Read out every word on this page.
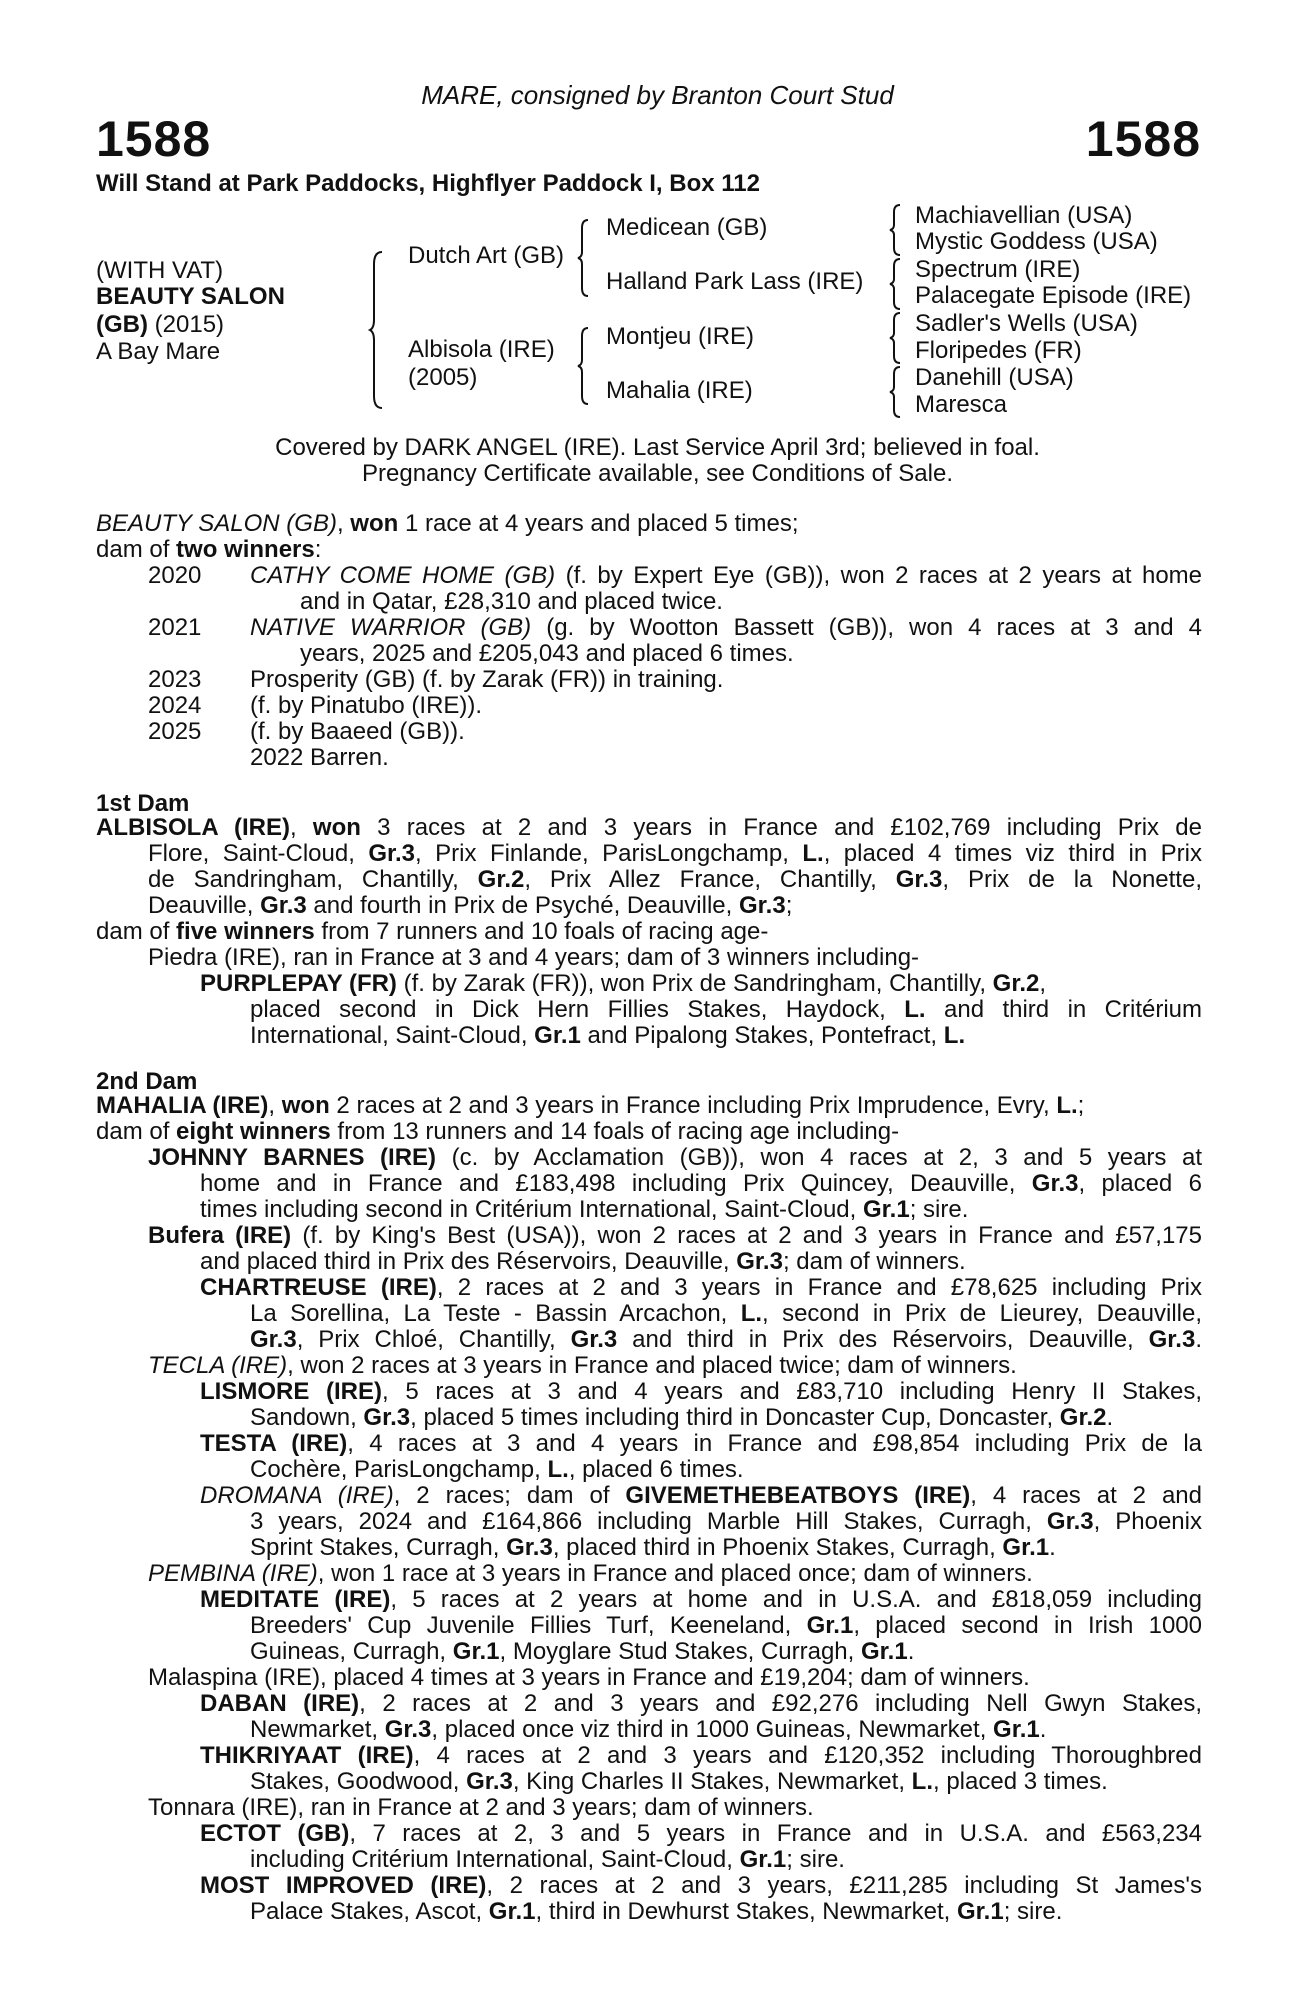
MARE, consigned by Branton Court Stud
1588	1588
Will Stand at Park Paddocks, Highflyer Paddock I, Box 112
(WITH VAT)
BEAUTY SALON
(GB) (2015)
A Bay Mare
Dutch Art (GB)
Albisola (IRE)
(2005)
Medicean (GB)
Halland Park Lass (IRE)
Montjeu (IRE)
Mahalia (IRE)
Machiavellian (USA)
Mystic Goddess (USA)
Spectrum (IRE)
Palacegate Episode (IRE)
Sadler's Wells (USA)
Floripedes (FR)
Danehill (USA)
Maresca
Covered by DARK ANGEL (IRE). Last Service April 3rd; believed in foal.
Pregnancy Certificate available, see Conditions of Sale.
BEAUTY SALON (GB), won 1 race at 4 years and placed 5 times;
dam of two winners:
2020 CATHY COME HOME (GB) (f. by Expert Eye (GB)), won 2 races at 2 years at home
and in Qatar, £28,310 and placed twice.
2021 NATIVE WARRIOR (GB) (g. by Wootton Bassett (GB)), won 4 races at 3 and 4
years, 2025 and £205,043 and placed 6 times.
2023 Prosperity (GB) (f. by Zarak (FR)) in training.
2024 (f. by Pinatubo (IRE)).
2025 (f. by Baaeed (GB)).
2022 Barren.
1st Dam
ALBISOLA (IRE), won 3 races at 2 and 3 years in France and £102,769 including Prix de
Flore, Saint-Cloud, Gr.3, Prix Finlande, ParisLongchamp, L., placed 4 times viz third in Prix
de Sandringham, Chantilly, Gr.2, Prix Allez France, Chantilly, Gr.3, Prix de la Nonette,
Deauville, Gr.3 and fourth in Prix de Psyché, Deauville, Gr.3;
dam of five winners from 7 runners and 10 foals of racing age-
Piedra (IRE), ran in France at 3 and 4 years; dam of 3 winners including-
PURPLEPAY (FR) (f. by Zarak (FR)), won Prix de Sandringham, Chantilly, Gr.2,
placed second in Dick Hern Fillies Stakes, Haydock, L. and third in Critérium
International, Saint-Cloud, Gr.1 and Pipalong Stakes, Pontefract, L.
2nd Dam
MAHALIA (IRE), won 2 races at 2 and 3 years in France including Prix Imprudence, Evry, L.;
dam of eight winners from 13 runners and 14 foals of racing age including-
JOHNNY BARNES (IRE) (c. by Acclamation (GB)), won 4 races at 2, 3 and 5 years at
home and in France and £183,498 including Prix Quincey, Deauville, Gr.3, placed 6
times including second in Critérium International, Saint-Cloud, Gr.1; sire.
Bufera (IRE) (f. by King's Best (USA)), won 2 races at 2 and 3 years in France and £57,175
and placed third in Prix des Réservoirs, Deauville, Gr.3; dam of winners.
CHARTREUSE (IRE), 2 races at 2 and 3 years in France and £78,625 including Prix
La Sorellina, La Teste - Bassin Arcachon, L., second in Prix de Lieurey, Deauville,
Gr.3, Prix Chloé, Chantilly, Gr.3 and third in Prix des Réservoirs, Deauville, Gr.3.
TECLA (IRE), won 2 races at 3 years in France and placed twice; dam of winners.
LISMORE (IRE), 5 races at 3 and 4 years and £83,710 including Henry II Stakes,
Sandown, Gr.3, placed 5 times including third in Doncaster Cup, Doncaster, Gr.2.
TESTA (IRE), 4 races at 3 and 4 years in France and £98,854 including Prix de la
Cochère, ParisLongchamp, L., placed 6 times.
DROMANA (IRE), 2 races; dam of GIVEMETHEBEATBOYS (IRE), 4 races at 2 and
3 years, 2024 and £164,866 including Marble Hill Stakes, Curragh, Gr.3, Phoenix
Sprint Stakes, Curragh, Gr.3, placed third in Phoenix Stakes, Curragh, Gr.1.
PEMBINA (IRE), won 1 race at 3 years in France and placed once; dam of winners.
MEDITATE (IRE), 5 races at 2 years at home and in U.S.A. and £818,059 including
Breeders' Cup Juvenile Fillies Turf, Keeneland, Gr.1, placed second in Irish 1000
Guineas, Curragh, Gr.1, Moyglare Stud Stakes, Curragh, Gr.1.
Malaspina (IRE), placed 4 times at 3 years in France and £19,204; dam of winners.
DABAN (IRE), 2 races at 2 and 3 years and £92,276 including Nell Gwyn Stakes,
Newmarket, Gr.3, placed once viz third in 1000 Guineas, Newmarket, Gr.1.
THIKRIYAAT (IRE), 4 races at 2 and 3 years and £120,352 including Thoroughbred
Stakes, Goodwood, Gr.3, King Charles II Stakes, Newmarket, L., placed 3 times.
Tonnara (IRE), ran in France at 2 and 3 years; dam of winners.
ECTOT (GB), 7 races at 2, 3 and 5 years in France and in U.S.A. and £563,234
including Critérium International, Saint-Cloud, Gr.1; sire.
MOST IMPROVED (IRE), 2 races at 2 and 3 years, £211,285 including St James's
Palace Stakes, Ascot, Gr.1, third in Dewhurst Stakes, Newmarket, Gr.1; sire.
